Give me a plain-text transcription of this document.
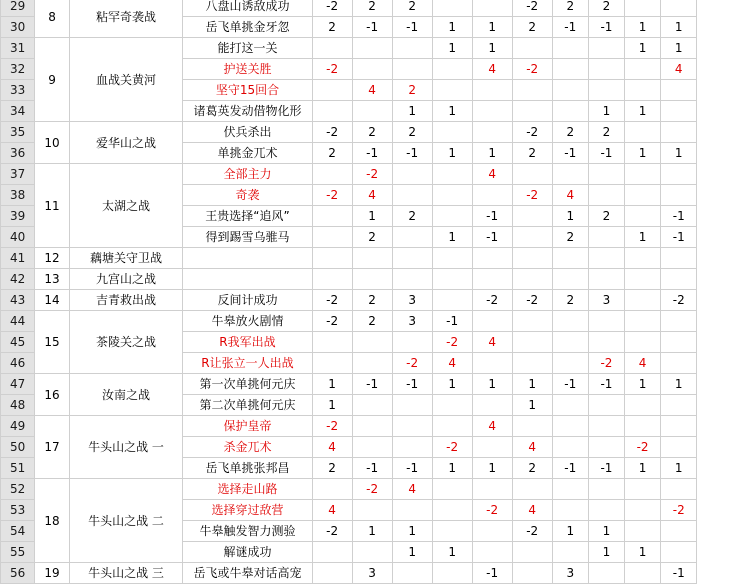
29	8	粘罕奇袭战	八盘山诱敌成功	-2	2	2			-2	2	2		
30			岳飞单挑金牙忽	2	-1	-1	1	1	2	-1	-1	1	1
31	9	血战关黄河	能打这一关				1	1				1	1
32			护送关胜	-2				4	-2				4
33			坚守15回合		4	2							
34			诸葛英发动借物化形			1	1				1	1	
35	10	爱华山之战	伏兵杀出	-2	2	2			-2	2	2		
36			单挑金兀术	2	-1	-1	1	1	2	-1	-1	1	1
37	11	太湖之战	全部主力		-2			4					
38			奇袭	-2	4				-2	4			
39			王贵选择“追风”		1	2		-1		1	2		-1
40			得到踢雪乌骓马		2		1	-1		2		1	-1
41	12	藕塘关守卫战											
42	13	九宫山之战											
43	14	吉青救出战	反间计成功	-2	2	3		-2	-2	2	3		-2
44	15	茶陵关之战	牛皋放火剧情	-2	2	3	-1						
45			R我军出战				-2	4					
46			R让张立一人出战			-2	4				-2	4	
47	16	汝南之战	第一次单挑何元庆	1	-1	-1	1	1	1	-1	-1	1	1
48			第二次单挑何元庆	1					1				
49	17	牛头山之战 一	保护皇帝	-2				4					
50			杀金兀术	4			-2		4			-2	
51			岳飞单挑张邦昌	2	-1	-1	1	1	2	-1	-1	1	1
52	18	牛头山之战 二	选择走山路		-2	4							
53			选择穿过敌营	4				-2	4				-2
54			牛皋触发智力测验	-2	1	1			-2	1	1		
55			解谜成功			1	1				1	1	
56	19	牛头山之战 三	岳飞或牛皋对话高宠		3			-1		3			-1
